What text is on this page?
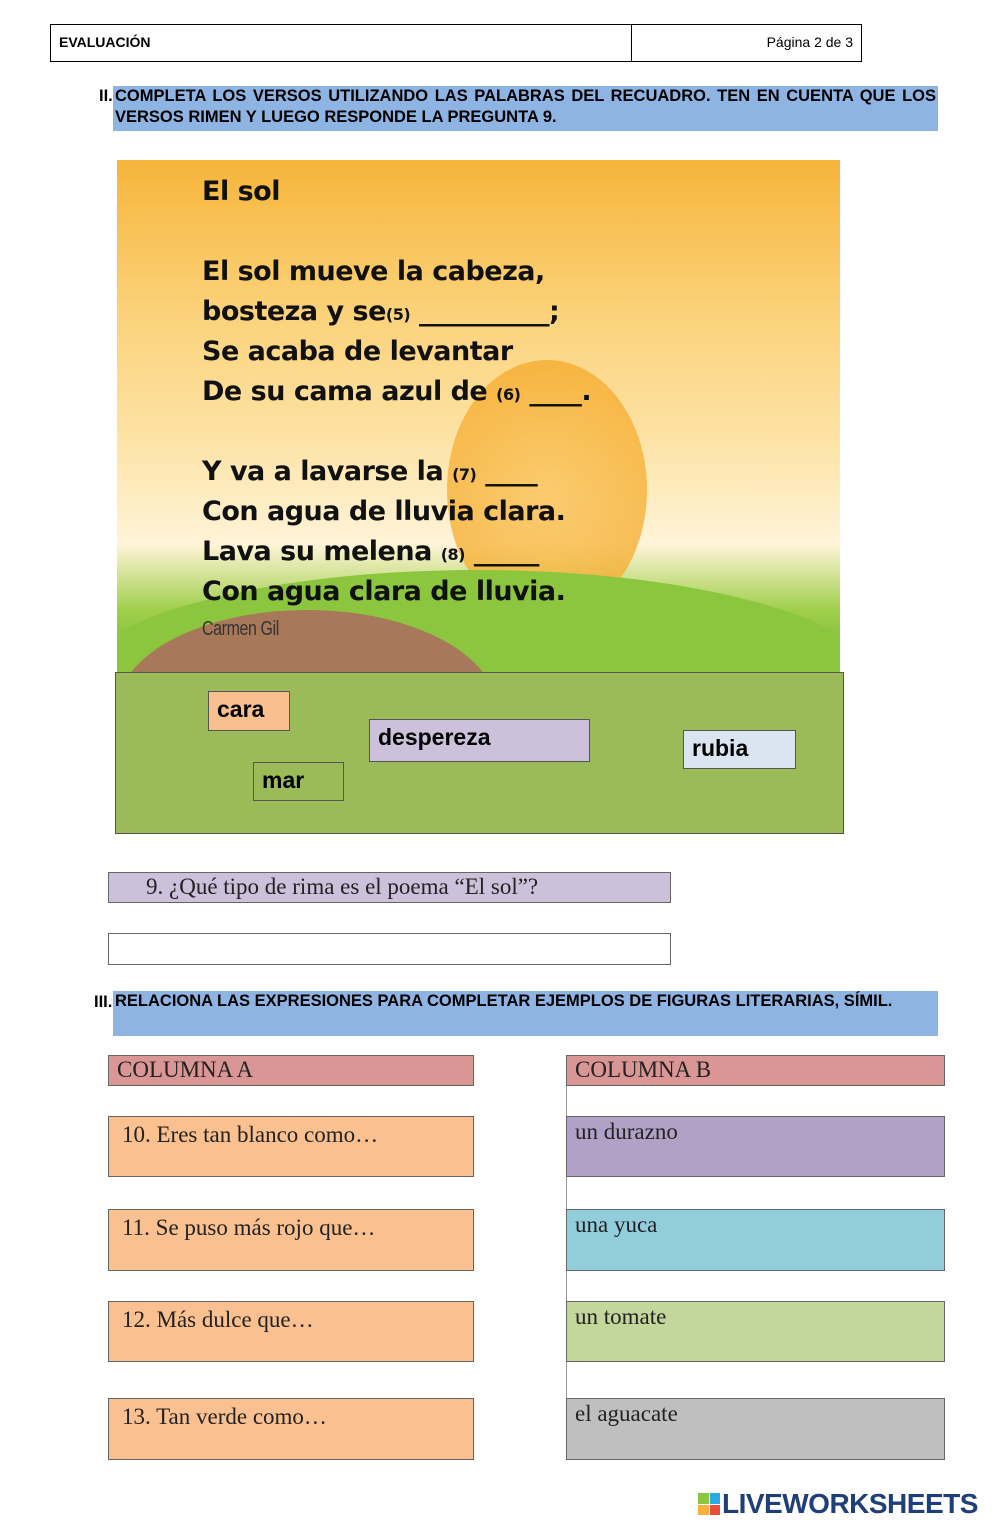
EVALUACIÓN	Página 2 de 3
II. COMPLETA LOS VERSOS UTILIZANDO LAS PALABRAS DEL RECUADRO. TEN EN CUENTA QUE LOS VERSOS RIMEN Y LUEGO RESPONDE LA PREGUNTA 9.
El sol
El sol mueve la cabeza,
bosteza y se(5) __________;
Se acaba de levantar
De su cama azul de (6) ____.
Y va a lavarse la (7) ____
Con agua de lluvia clara.
Lava su melena (8) _____
Con agua clara de lluvia.
Carmen Gil
cara
despereza	rubia
mar
9. ¿Qué tipo de rima es el poema “El sol”?
III. RELACIONA LAS EXPRESIONES PARA COMPLETAR EJEMPLOS DE FIGURAS LITERARIAS, SÍMIL.
COLUMNA A	COLUMNA B
10. Eres tan blanco como…	un durazno
11. Se puso más rojo que…	una yuca
12. Más dulce que…	un tomate
13. Tan verde como…	el aguacate
LIVEWORKSHEETS
